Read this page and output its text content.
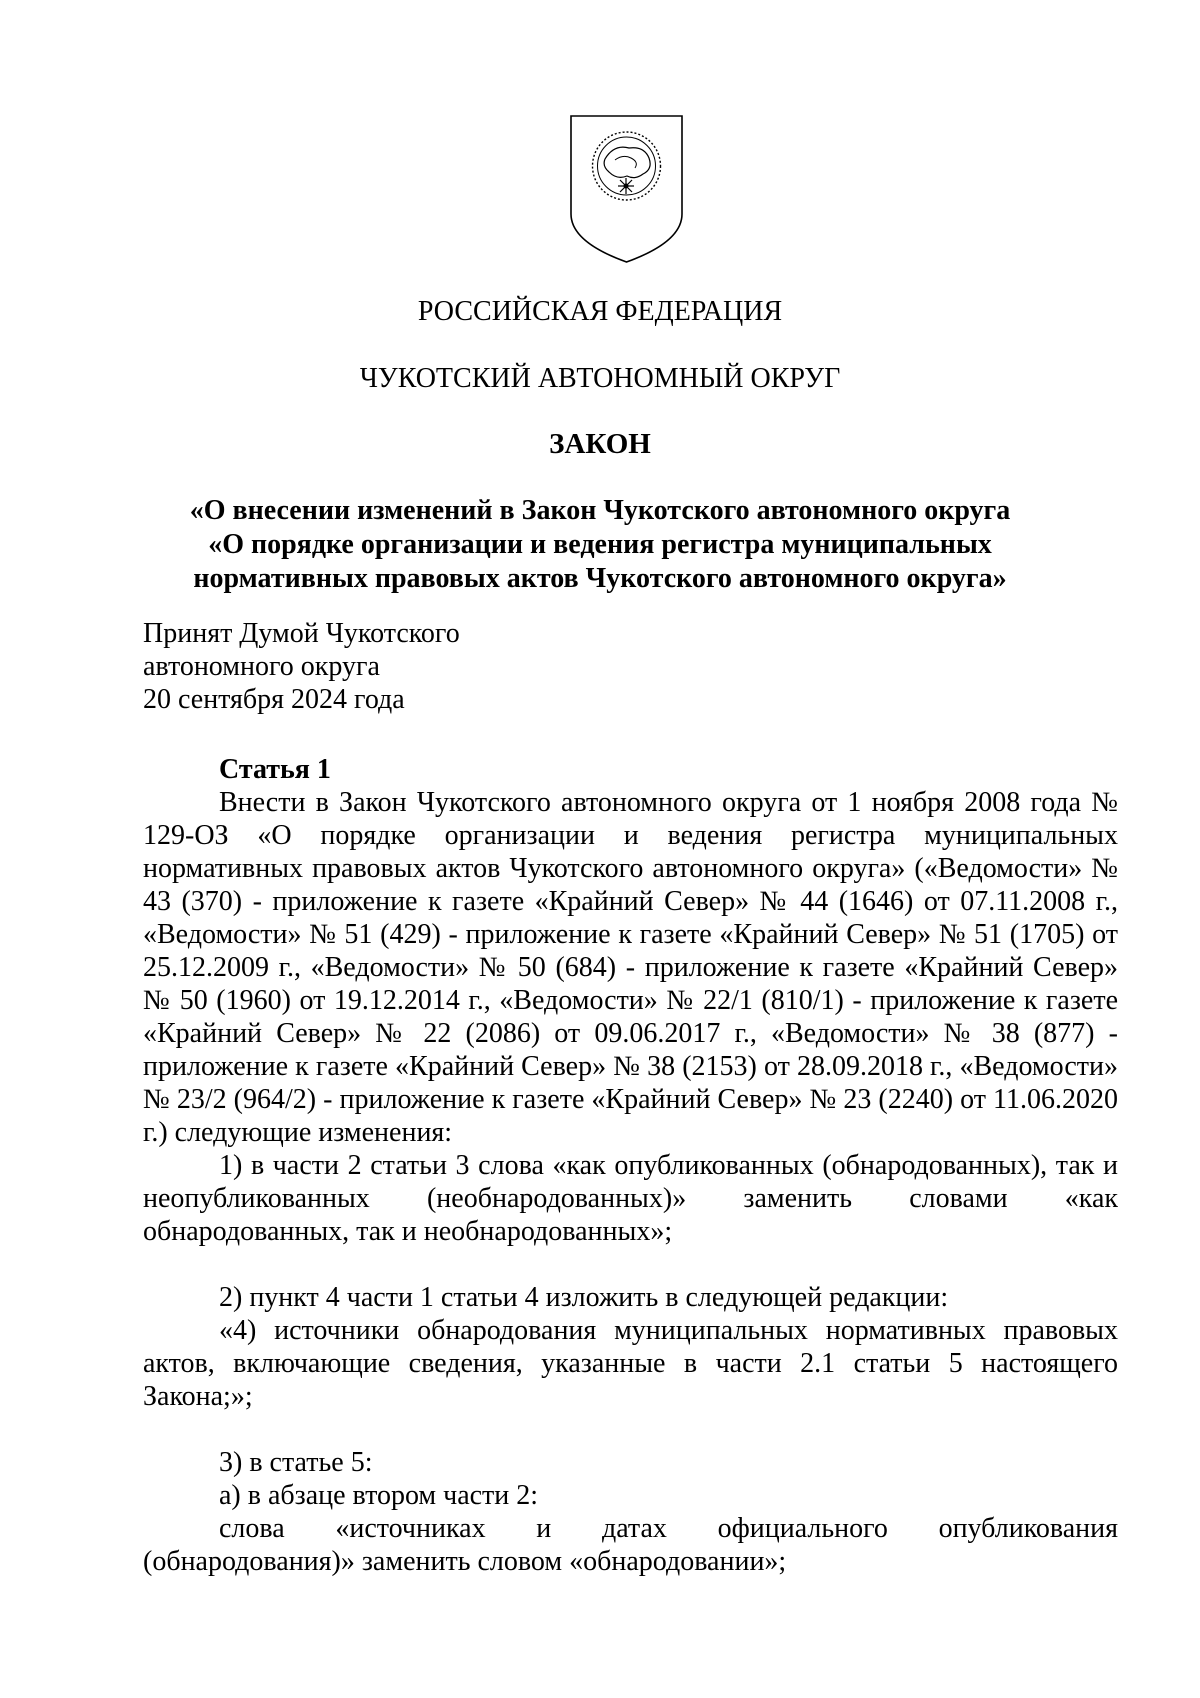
РОССИЙСКАЯ ФЕДЕРАЦИЯ
ЧУКОТСКИЙ АВТОНОМНЫЙ ОКРУГ
ЗАКОН
«О внесении изменений в Закон Чукотского автономного округа
«О порядке организации и ведения регистра муниципальных
нормативных правовых актов Чукотского автономного округа»
Принят Думой Чукотского
автономного округа
20 сентября 2024 года

Статья 1

Внести в Закон Чукотского автономного округа от 1 ноября 2008 года № 129-ОЗ «О порядке организации и ведения регистра муниципальных нормативных правовых актов Чукотского автономного округа» («Ведомости» № 43 (370) - приложение к газете «Крайний Север» № 44 (1646) от 07.11.2008 г., «Ведомости» № 51 (429) - приложение к газете «Крайний Север» № 51 (1705) от 25.12.2009 г., «Ведомости» № 50 (684) - приложение к газете «Крайний Север» № 50 (1960) от 19.12.2014 г., «Ведомости» № 22/1 (810/1) - приложение к газете «Крайний Север» № 22 (2086) от 09.06.2017 г., «Ведомости» № 38 (877) - приложение к газете «Крайний Север» № 38 (2153) от 28.09.2018 г., «Ведомости» № 23/2 (964/2) - приложение к газете «Крайний Север» № 23 (2240) от 11.06.2020 г.) следующие изменения:

1) в части 2 статьи 3 слова «как опубликованных (обнародованных), так и неопубликованных (необнародованных)» заменить словами «как обнародованных, так и необнародованных»;

2) пункт 4 части 1 статьи 4 изложить в следующей редакции:

«4) источники обнародования муниципальных нормативных правовых актов, включающие сведения, указанные в части 2.1 статьи 5 настоящего Закона;»;

3) в статье 5:

а) в абзаце втором части 2:

слова «источниках и датах официального опубликования (обнародования)» заменить словом «обнародовании»;
